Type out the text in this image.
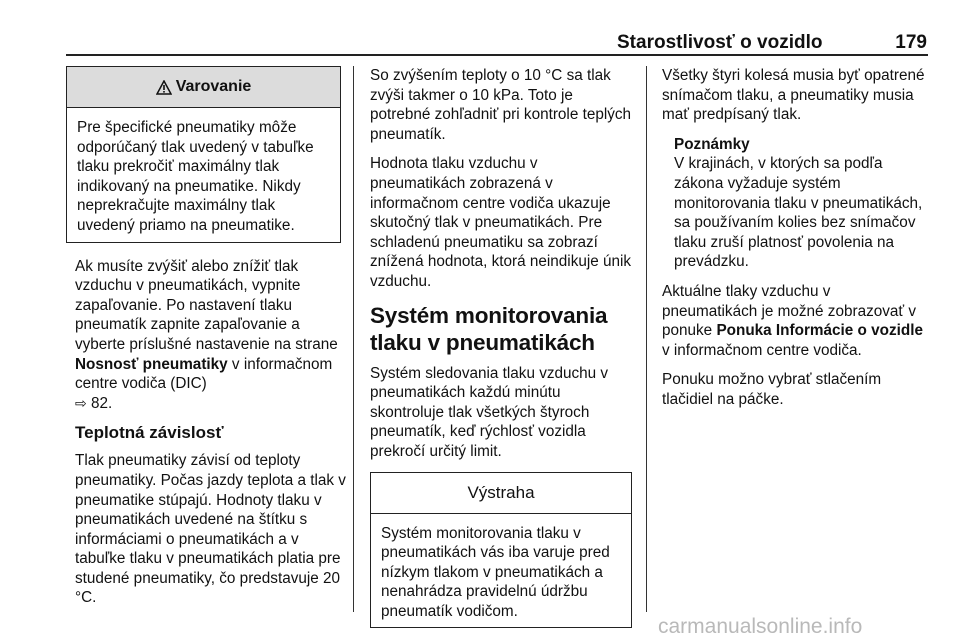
Starostlivosť o vozidlo	179
Varovanie
Pre špecifické pneumatiky môže odporúčaný tlak uvedený v tabuľke tlaku prekročiť maximálny tlak indikovaný na pneumatike. Nikdy neprekračujte maximálny tlak uvedený priamo na pneumatike.

Ak musíte zvýšiť alebo znížiť tlak vzduchu v pneumatikách, vypnite zapaľovanie. Po nastavení tlaku pneumatík zapnite zapaľovanie a vyberte príslušné nastavenie na strane Nosnosť pneumatiky v informačnom centre vodiča (DIC)
⇨ 82.

Teplotná závislosť

Tlak pneumatiky závisí od teploty pneumatiky. Počas jazdy teplota a tlak v pneumatike stúpajú. Hodnoty tlaku v pneumatikách uvedené na štítku s informáciami o pneumatikách a v tabuľke tlaku v pneumatikách platia pre studené pneumatiky, čo predstavuje 20 °C.

So zvýšením teploty o 10 °C sa tlak zvýši takmer o 10 kPa. Toto je potrebné zohľadniť pri kontrole teplých pneumatík.

Hodnota tlaku vzduchu v pneumatikách zobrazená v informačnom centre vodiča ukazuje skutočný tlak v pneumatikách. Pre schladenú pneumatiku sa zobrazí znížená hodnota, ktorá neindikuje únik vzduchu.

Systém monitorovania tlaku v pneumatikách

Systém sledovania tlaku vzduchu v pneumatikách každú minútu skontroluje tlak všetkých štyroch pneumatík, keď rýchlosť vozidla prekročí určitý limit.

Výstraha
Systém monitorovania tlaku v pneumatikách vás iba varuje pred nízkym tlakom v pneumatikách a nenahrádza pravidelnú údržbu pneumatík vodičom.

Všetky štyri kolesá musia byť opatrené snímačom tlaku, a pneumatiky musia mať predpísaný tlak.

Poznámky
V krajinách, v ktorých sa podľa zákona vyžaduje systém monitorovania tlaku v pneumatikách, sa používaním kolies bez snímačov tlaku zruší platnosť povolenia na prevádzku.

Aktuálne tlaky vzduchu v pneumatikách je možné zobrazovať v ponuke Ponuka Informácie o vozidle v informačnom centre vodiča.

Ponuku možno vybrať stlačením tlačidiel na páčke.

carmanualsonline.info
